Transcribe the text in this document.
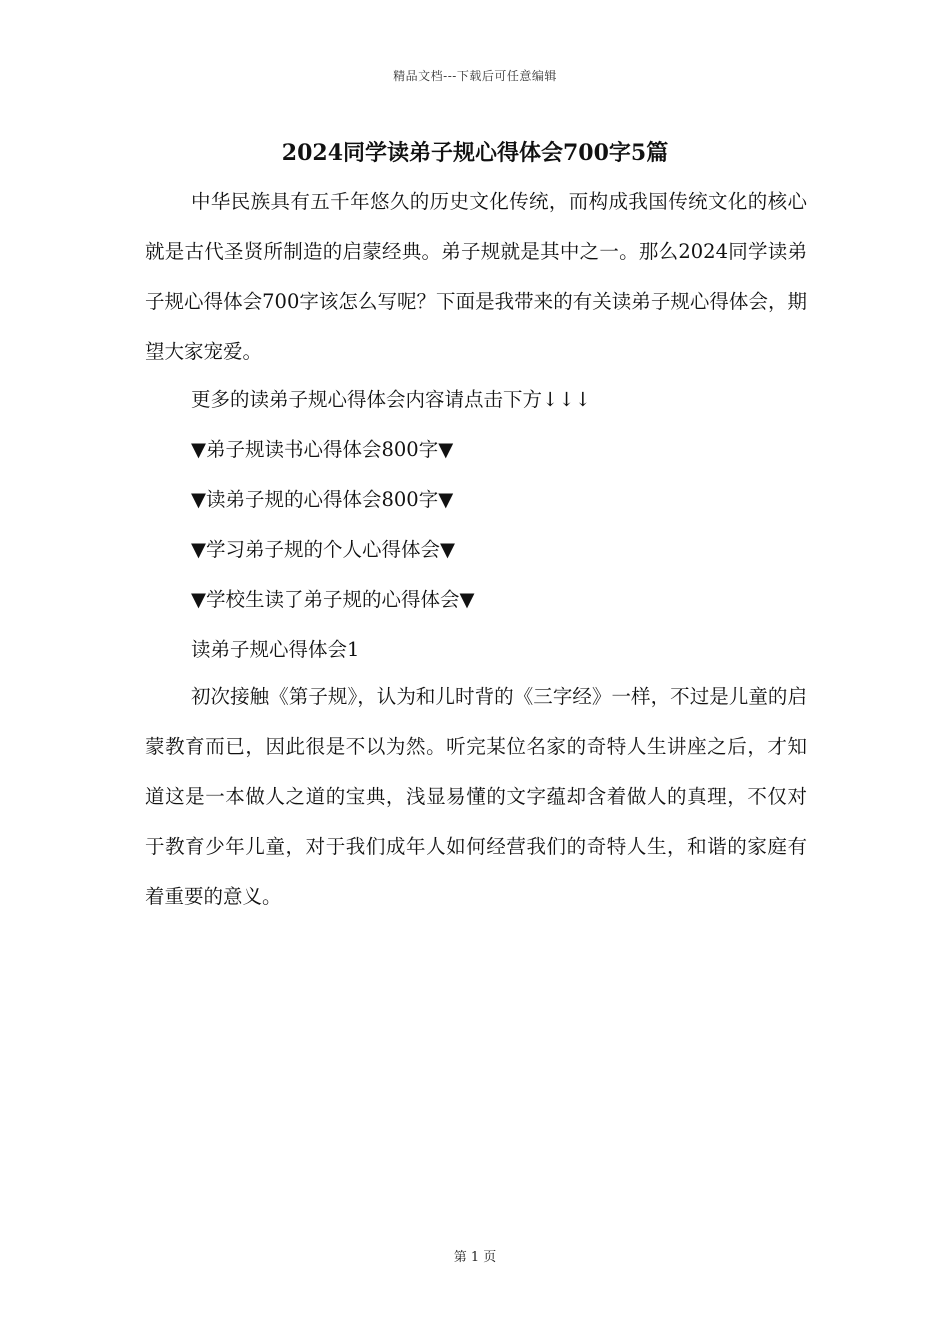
精品文档---下载后可任意编辑
2024同学读弟子规心得体会700字5篇

中华民族具有五千年悠久的历史文化传统，而构成我国传统文化的核心就是古代圣贤所制造的启蒙经典。弟子规就是其中之一。那么2024同学读弟子规心得体会700字该怎么写呢？下面是我带来的有关读弟子规心得体会，期望大家宠爱。

更多的读弟子规心得体会内容请点击下方↓↓↓

▼弟子规读书心得体会800字▼

▼读弟子规的心得体会800字▼

▼学习弟子规的个人心得体会▼

▼学校生读了弟子规的心得体会▼

读弟子规心得体会1

初次接触《第子规》，认为和儿时背的《三字经》一样，不过是儿童的启蒙教育而已，因此很是不以为然。听完某位名家的奇特人生讲座之后，才知道这是一本做人之道的宝典，浅显易懂的文字蕴却含着做人的真理，不仅对于教育少年儿童，对于我们成年人如何经营我们的奇特人生，和谐的家庭有着重要的意义。

第 1 页
